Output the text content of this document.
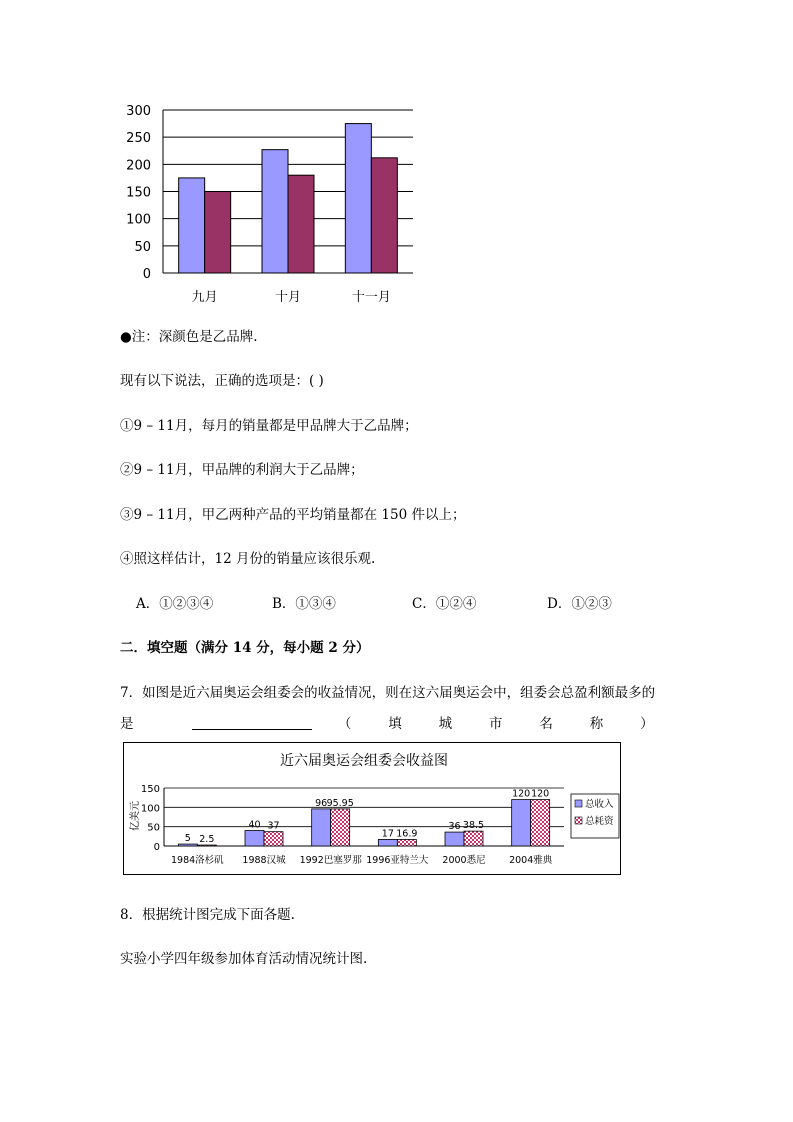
0
50
100
150
200
250
300
九月	十月	十一月
●注：深颜色是乙品牌.
现有以下说法，正确的选项是：( )
①9 – 11月，每月的销量都是甲品牌大于乙品牌；
②9 – 11月，甲品牌的利润大于乙品牌；
③9 – 11月，甲乙两种产品的平均销量都在 150 件以上；
④照这样估计，12 月份的销量应该很乐观.
A．①②③④	B．①③④	C．①②④	D．①②③
二．填空题（满分 14 分，每小题 2 分）
7．如图是近六届奥运会组委会的收益情况，则在这六届奥运会中，组委会总盈利额最多的
是	（	填	城	市	名	称	）
近六届奥运会组委会收益图
0
50
100
150
亿美元
5 2.5
1984洛杉矶
40 37
1988汉城
96 95.95
1992巴塞罗那
17 16.9
1996亚特兰大
36 38.5
2000悉尼
120 120
2004雅典
总收入
总耗资
8．根据统计图完成下面各题.
实验小学四年级参加体育活动情况统计图.
